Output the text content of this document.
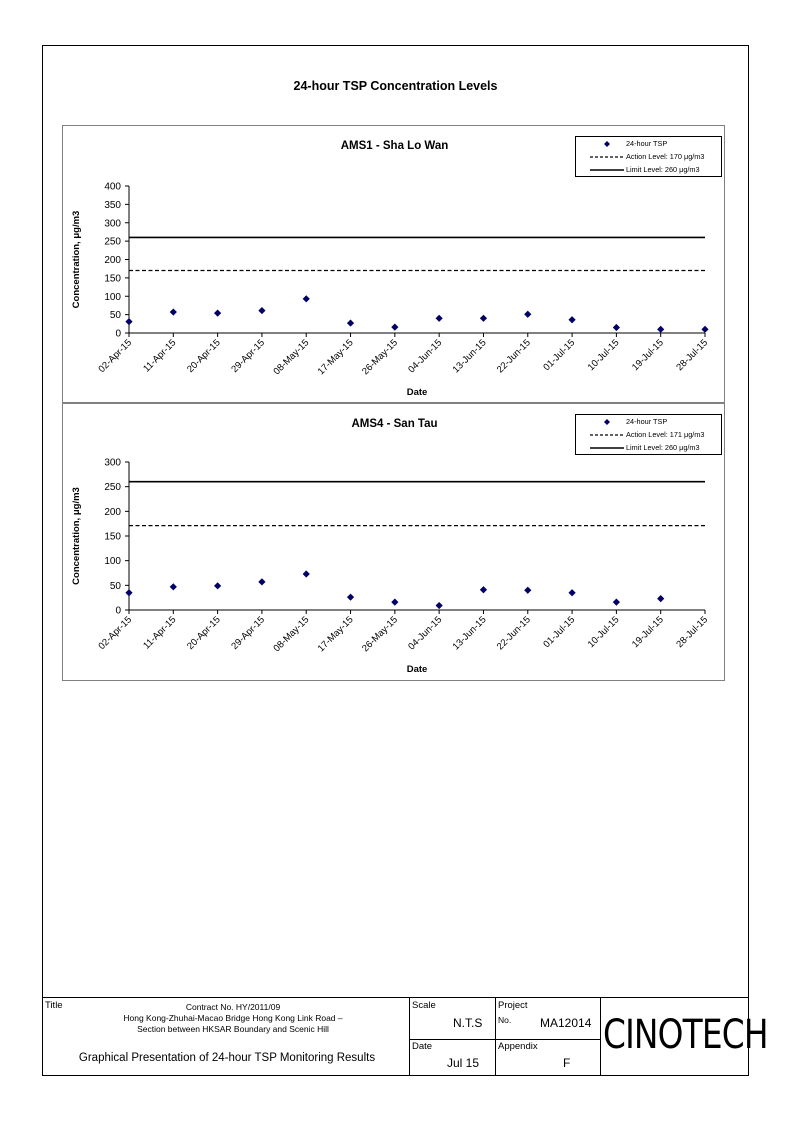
24-hour TSP Concentration Levels
AMS1 - Sha Lo Wan
0
50
100
150
200
250
300
350
400
02-Apr-15 11-Apr-15 20-Apr-15 29-Apr-15 08-May-15 17-May-15 26-May-15 04-Jun-15 13-Jun-15 22-Jun-15 01-Jul-15 10-Jul-15 19-Jul-15 28-Jul-15
Date
Concentration, μg/m3
24-hour TSP
Action Level: 170 μg/m3
Limit Level: 260 μg/m3
AMS4 - San Tau
0
50
100
150
200
250
300
02-Apr-15 11-Apr-15 20-Apr-15 29-Apr-15 08-May-15 17-May-15 26-May-15 04-Jun-15 13-Jun-15 22-Jun-15 01-Jul-15 10-Jul-15 19-Jul-15 28-Jul-15
Date
Concentration, μg/m3
24-hour TSP
Action Level: 171 μg/m3
Limit Level: 260 μg/m3
Title	Contract No. HY/2011/09
Hong Kong-Zhuhai-Macao Bridge Hong Kong Link Road –
Section between HKSAR Boundary and Scenic Hill
Graphical Presentation of 24-hour TSP Monitoring Results
Scale
N.T.S
Date
Jul 15
Project
No. MA12014
Appendix
F
CINOTECH
